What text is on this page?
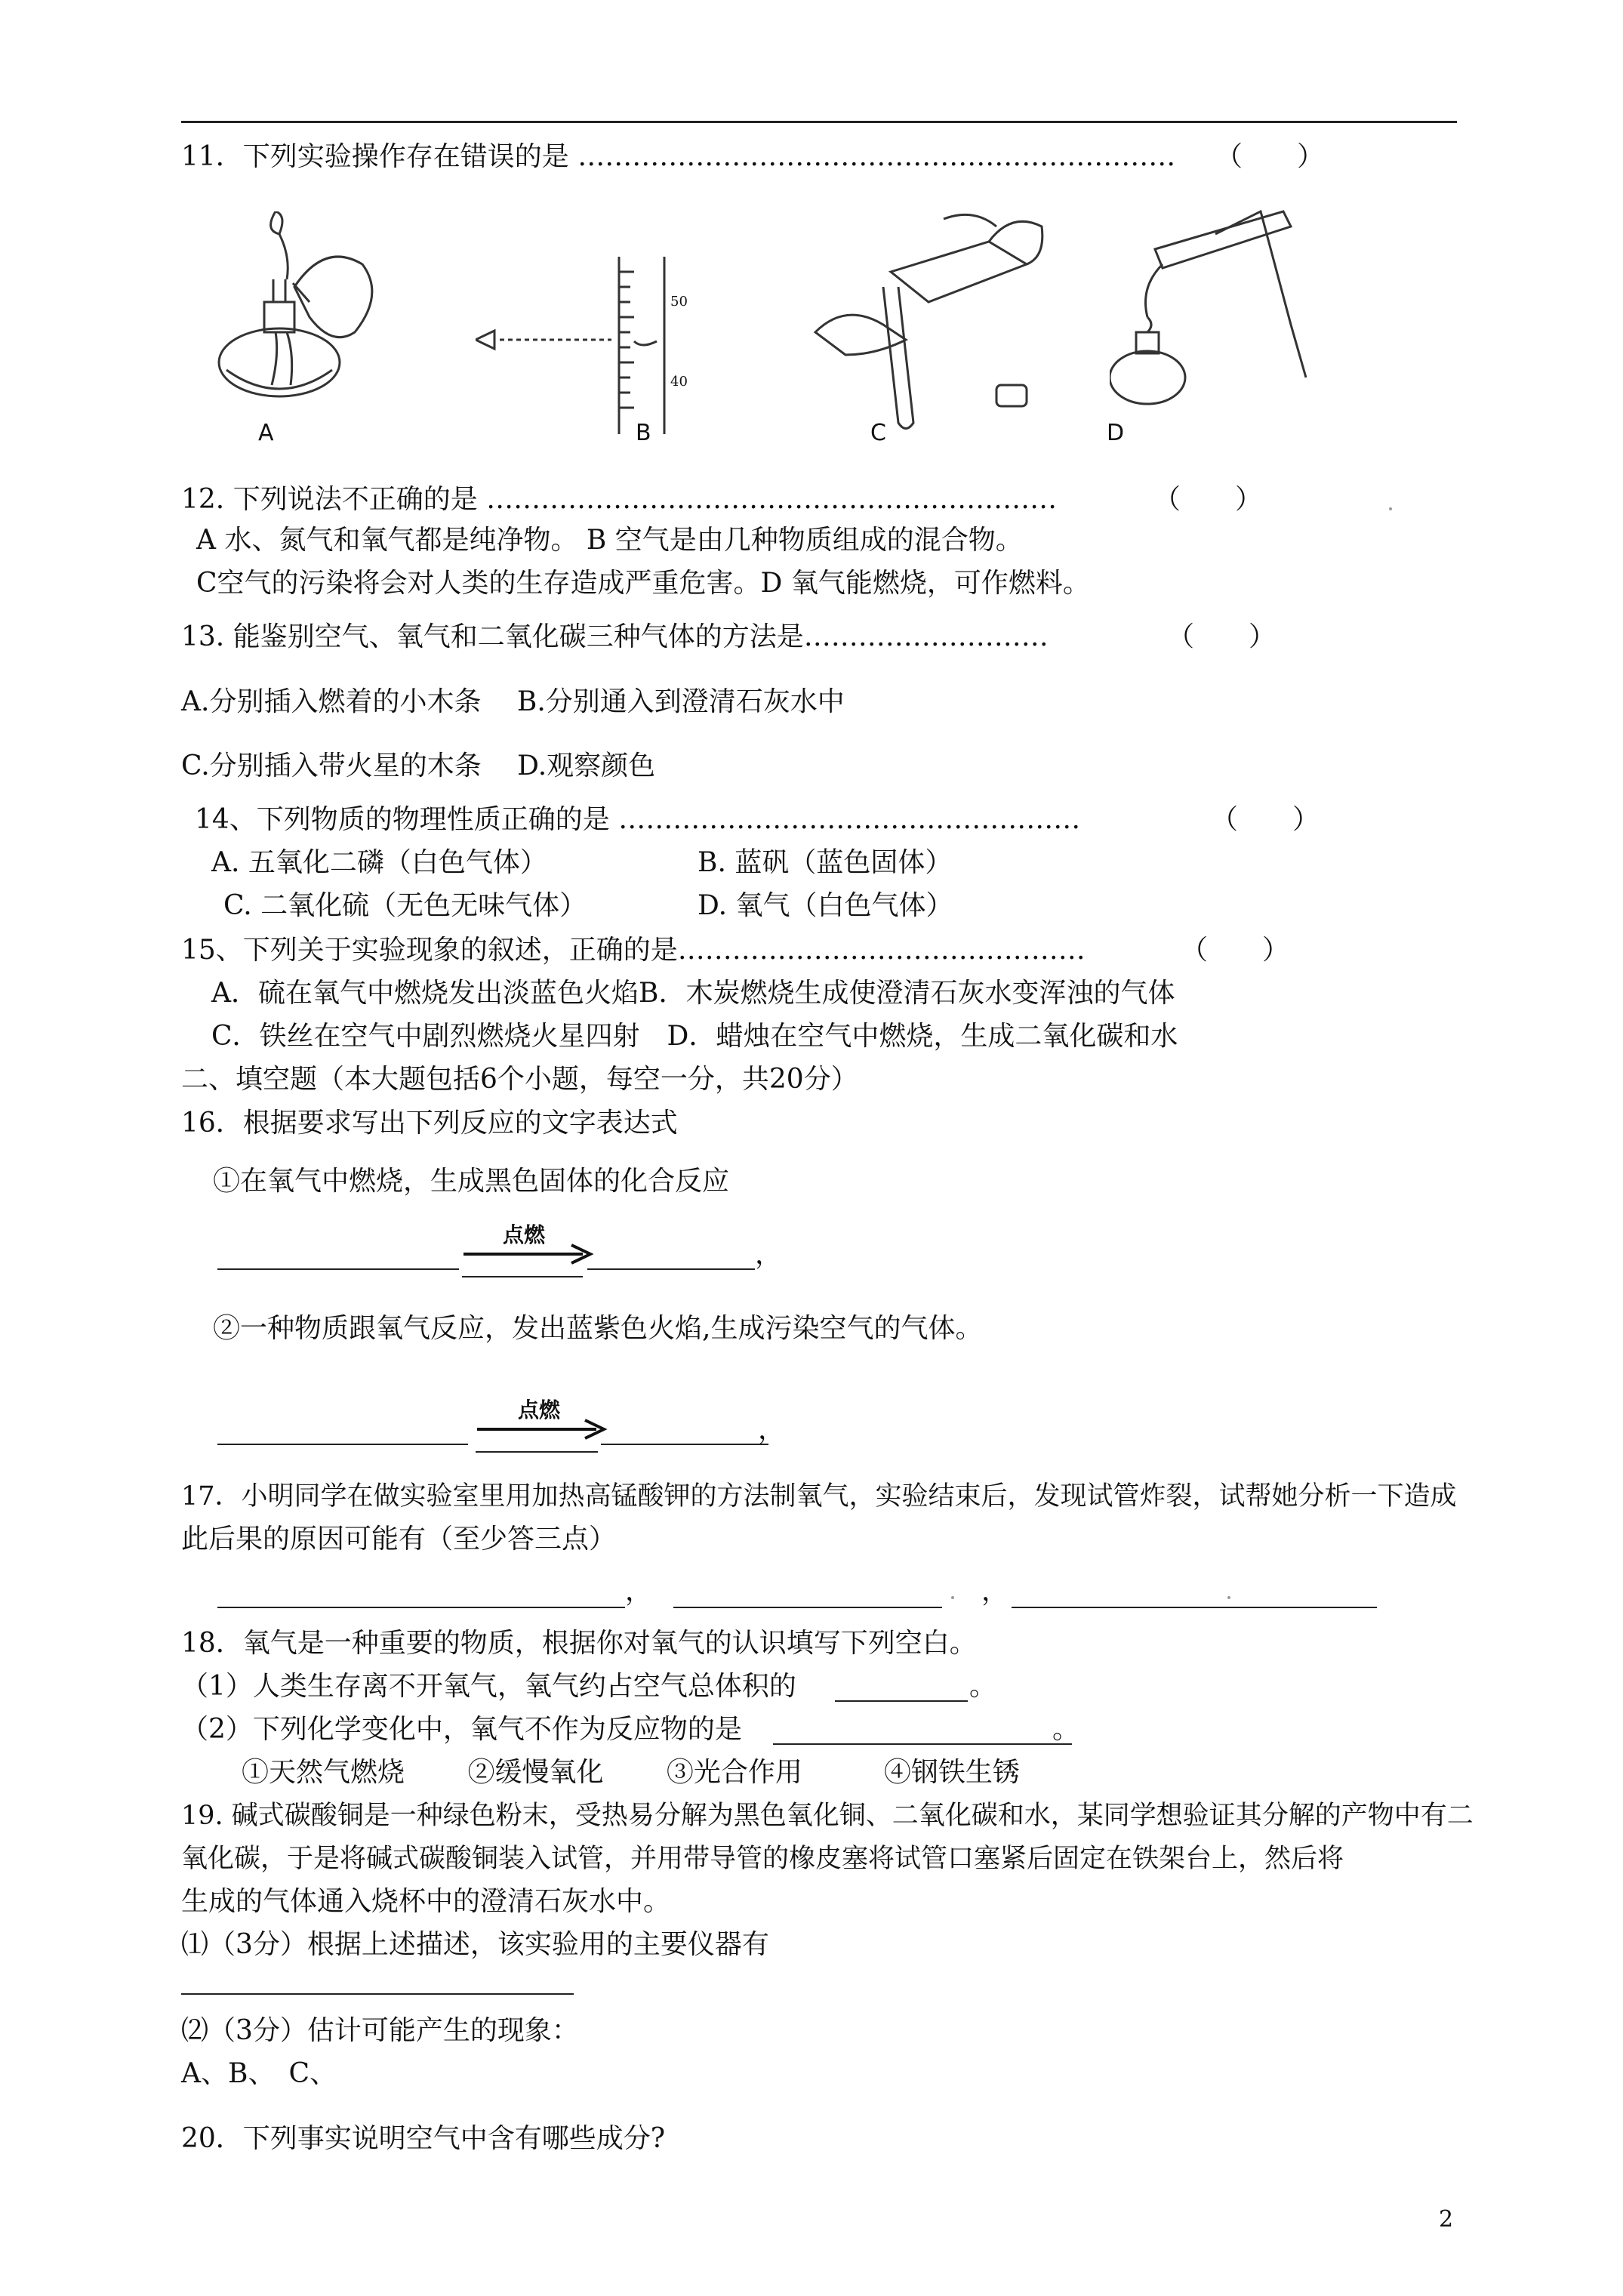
11．下列实验操作存在错误的是 ………………………………………………………… （　　）
A
50
40
B	C	D
12. 下列说法不正确的是 ………………………………………………………	（　　）
A 水、氮气和氧气都是纯净物。 B 空气是由几种物质组成的混合物。
C空气的污染将会对人类的生存造成严重危害。D 氧气能燃烧，可作燃料。
13. 能鉴别空气、氧气和二氧化碳三种气体的方法是………………………	（　　）
A.分别插入燃着的小木条　 B.分别通入到澄清石灰水中
C.分别插入带火星的木条　 D.观察颜色
14、下列物质的物理性质正确的是 ……………………………………………	（　　）
A. 五氧化二磷（白色气体）	B. 蓝矾（蓝色固体）
C. 二氧化硫（无色无味气体）	D. 氧气（白色气体）
15、下列关于实验现象的叙述，正确的是………………………………………	（　　）
A．硫在氧气中燃烧发出淡蓝色火焰B．木炭燃烧生成使澄清石灰水变浑浊的气体
C．铁丝在空气中剧烈燃烧火星四射　D．蜡烛在空气中燃烧，生成二氧化碳和水
二、填空题（本大题包括6个小题，每空一分，共20分）
16．根据要求写出下列反应的文字表达式
①在氧气中燃烧，生成黑色固体的化合反应
点燃
，
②一种物质跟氧气反应，发出蓝紫色火焰,生成污染空气的气体。
点燃
，
17．小明同学在做实验室里用加热高锰酸钾的方法制氧气，实验结束后，发现试管炸裂，试帮她分析一下造成
此后果的原因可能有（至少答三点）
，	，
18．氧气是一种重要的物质，根据你对氧气的认识填写下列空白。
（1）人类生存离不开氧气，氧气约占空气总体积的	。
（2）下列化学变化中，氧气不作为反应物的是	。
①天然气燃烧　　 ②缓慢氧化　　 ③光合作用　　　④钢铁生锈
19. 碱式碳酸铜是一种绿色粉末，受热易分解为黑色氧化铜、二氧化碳和水，某同学想验证其分解的产物中有二
氧化碳，于是将碱式碳酸铜装入试管，并用带导管的橡皮塞将试管口塞紧后固定在铁架台上，然后将
生成的气体通入烧杯中的澄清石灰水中。
⑴（3分）根据上述描述，该实验用的主要仪器有
⑵（3分）估计可能产生的现象：
A、B、　C、
20．下列事实说明空气中含有哪些成分?
2
